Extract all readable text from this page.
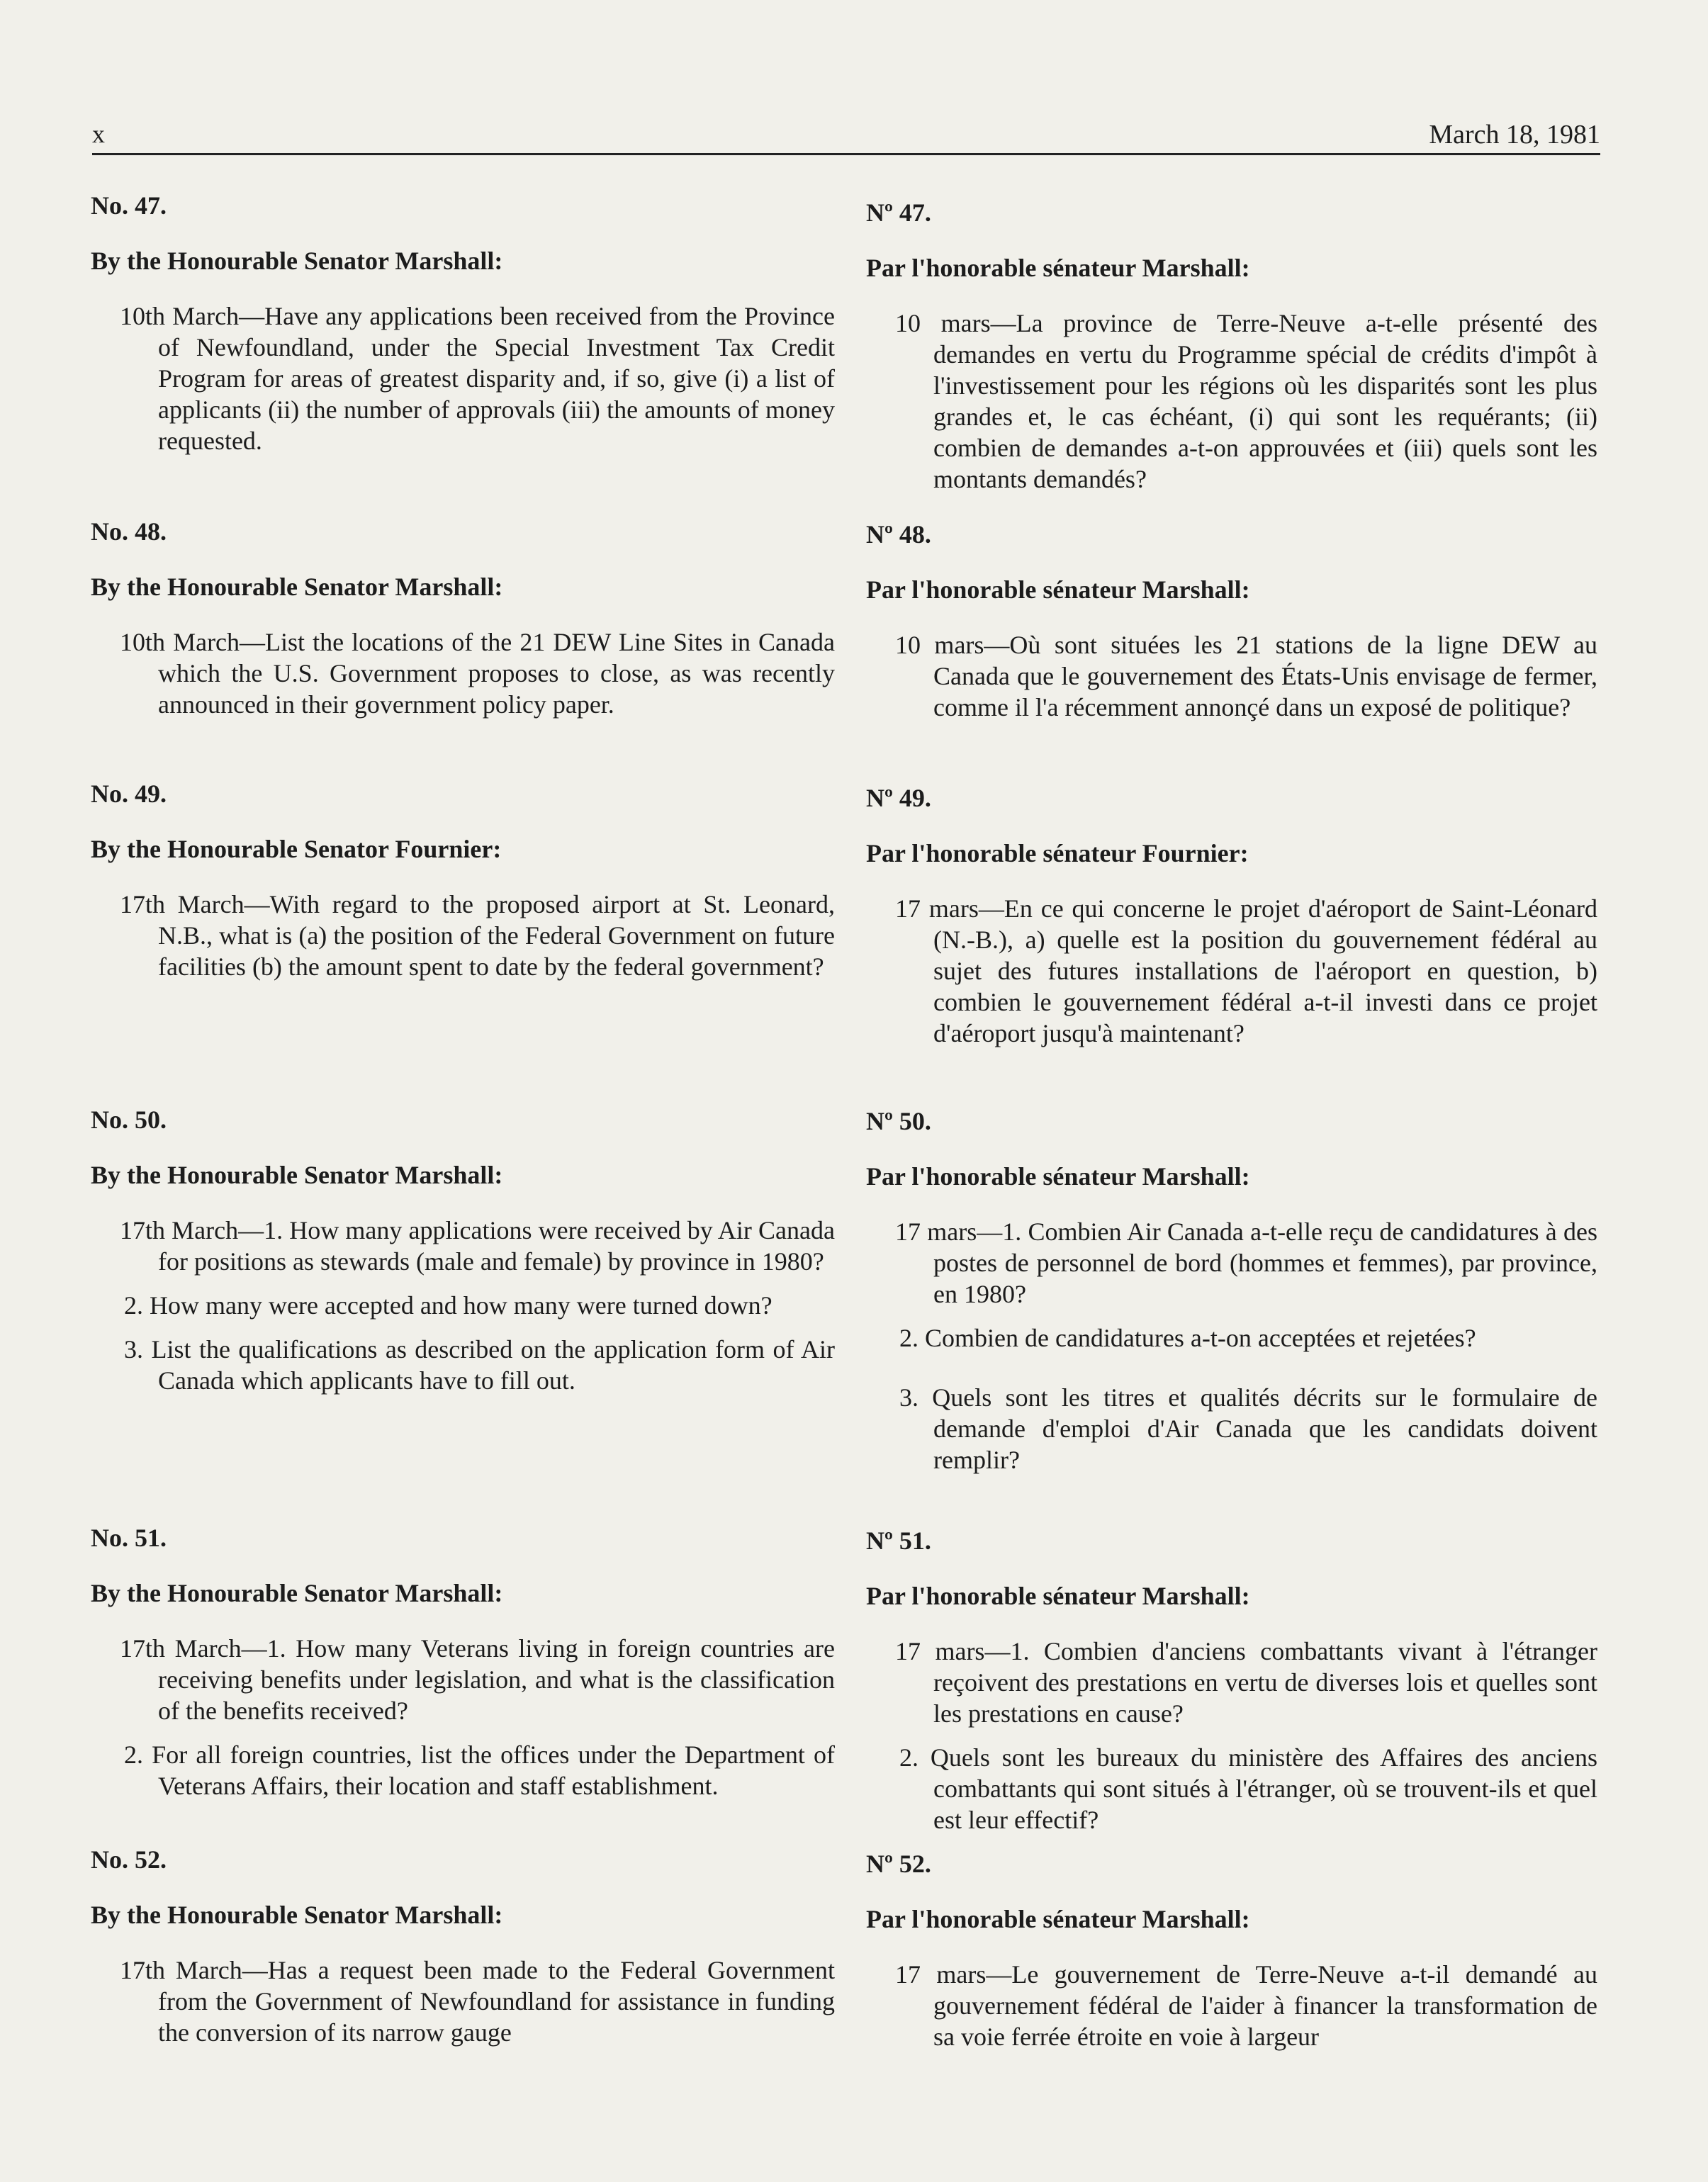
x	March 18, 1981

No. 47.

By the Honourable Senator Marshall:

10th March—Have any applications been received from the Province of Newfoundland, under the Special Investment Tax Credit Program for areas of greatest disparity and, if so, give (i) a list of applicants (ii) the number of approvals (iii) the amounts of money requested.

No. 48.

By the Honourable Senator Marshall:

10th March—List the locations of the 21 DEW Line Sites in Canada which the U.S. Government proposes to close, as was recently announced in their government policy paper.

No. 49.

By the Honourable Senator Fournier:

17th March—With regard to the proposed airport at St. Leonard, N.B., what is (a) the position of the Federal Government on future facilities (b) the amount spent to date by the federal government?

No. 50.

By the Honourable Senator Marshall:

17th March—1. How many applications were received by Air Canada for positions as stewards (male and female) by province in 1980?

2. How many were accepted and how many were turned down?

3. List the qualifications as described on the application form of Air Canada which applicants have to fill out.

No. 51.

By the Honourable Senator Marshall:

17th March—1. How many Veterans living in foreign countries are receiving benefits under legislation, and what is the classification of the benefits received?

2. For all foreign countries, list the offices under the Department of Veterans Affairs, their location and staff establishment.

No. 52.

By the Honourable Senator Marshall:

17th March—Has a request been made to the Federal Government from the Government of Newfoundland for assistance in funding the conversion of its narrow gauge

Nº 47.

Par l'honorable sénateur Marshall:

10 mars—La province de Terre-Neuve a-t-elle présenté des demandes en vertu du Programme spécial de crédits d'impôt à l'investissement pour les régions où les disparités sont les plus grandes et, le cas échéant, (i) qui sont les requérants; (ii) combien de demandes a-t-on approuvées et (iii) quels sont les montants demandés?

Nº 48.

Par l'honorable sénateur Marshall:

10 mars—Où sont situées les 21 stations de la ligne DEW au Canada que le gouvernement des États-Unis envisage de fermer, comme il l'a récemment annonçé dans un exposé de politique?

Nº 49.

Par l'honorable sénateur Fournier:

17 mars—En ce qui concerne le projet d'aéroport de Saint-Léonard (N.-B.), a) quelle est la position du gouvernement fédéral au sujet des futures installations de l'aéroport en question, b) combien le gouvernement fédéral a-t-il investi dans ce projet d'aéroport jusqu'à maintenant?

Nº 50.

Par l'honorable sénateur Marshall:

17 mars—1. Combien Air Canada a-t-elle reçu de candidatures à des postes de personnel de bord (hommes et femmes), par province, en 1980?

2. Combien de candidatures a-t-on acceptées et rejetées?

3. Quels sont les titres et qualités décrits sur le formulaire de demande d'emploi d'Air Canada que les candidats doivent remplir?

Nº 51.

Par l'honorable sénateur Marshall:

17 mars—1. Combien d'anciens combattants vivant à l'étranger reçoivent des prestations en vertu de diverses lois et quelles sont les prestations en cause?

2. Quels sont les bureaux du ministère des Affaires des anciens combattants qui sont situés à l'étranger, où se trouvent-ils et quel est leur effectif?

Nº 52.

Par l'honorable sénateur Marshall:

17 mars—Le gouvernement de Terre-Neuve a-t-il demandé au gouvernement fédéral de l'aider à financer la transformation de sa voie ferrée étroite en voie à largeur
